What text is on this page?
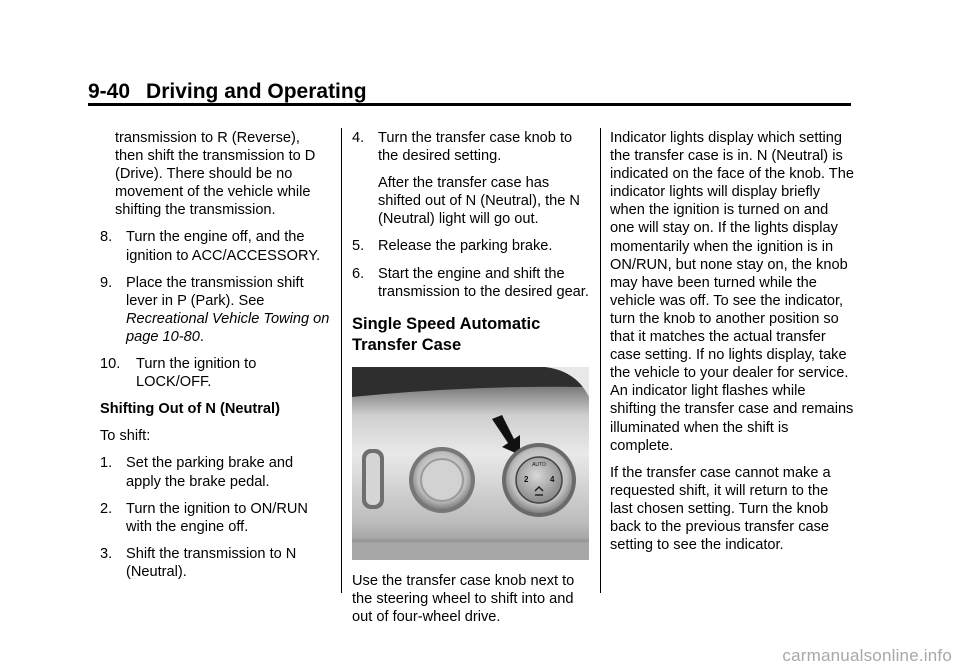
9-40 Driving and Operating

transmission to R (Reverse), then shift the transmission to D (Drive). There should be no movement of the vehicle while shifting the transmission.

8. Turn the engine off, and the ignition to ACC/ACCESSORY.
9. Place the transmission shift lever in P (Park). See Recreational Vehicle Towing on page 10-80.
10. Turn the ignition to LOCK/OFF.

Shifting Out of N (Neutral)

To shift:

1. Set the parking brake and apply the brake pedal.
2. Turn the ignition to ON/RUN with the engine off.
3. Shift the transmission to N (Neutral).
4. Turn the transfer case knob to the desired setting.

After the transfer case has shifted out of N (Neutral), the N (Neutral) light will go out.

5. Release the parking brake.
6. Start the engine and shift the transmission to the desired gear.
Single Speed Automatic Transfer Case
AUTO
2	4

Use the transfer case knob next to the steering wheel to shift into and out of four-wheel drive.

Indicator lights display which setting the transfer case is in. N (Neutral) is indicated on the face of the knob. The indicator lights will display briefly when the ignition is turned on and one will stay on. If the lights display momentarily when the ignition is in ON/RUN, but none stay on, the knob may have been turned while the vehicle was off. To see the indicator, turn the knob to another position so that it matches the actual transfer case setting. If no lights display, take the vehicle to your dealer for service. An indicator light flashes while shifting the transfer case and remains illuminated when the shift is complete.

If the transfer case cannot make a requested shift, it will return to the last chosen setting. Turn the knob back to the previous transfer case setting to see the indicator.

carmanualsonline.info
